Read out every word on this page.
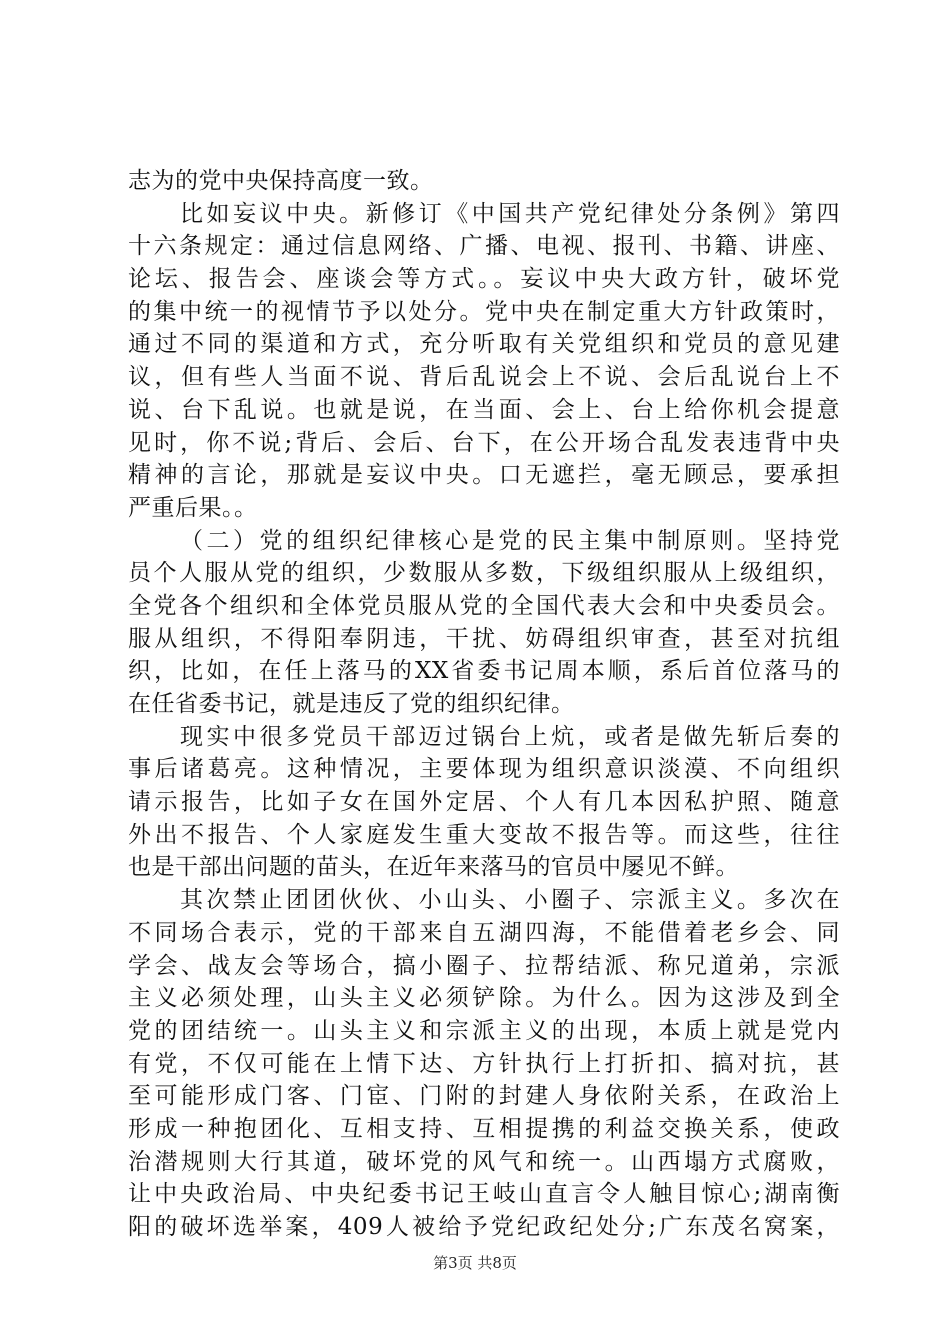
志为的党中央保持高度一致。
比如妄议中央。新修订《中国共产党纪律处分条例》第四
十六条规定：通过信息网络、广播、电视、报刊、书籍、讲座、
论坛、报告会、座谈会等方式。。妄议中央大政方针，破坏党
的集中统一的视情节予以处分。党中央在制定重大方针政策时，
通过不同的渠道和方式，充分听取有关党组织和党员的意见建
议，但有些人当面不说、背后乱说会上不说、会后乱说台上不
说、台下乱说。也就是说，在当面、会上、台上给你机会提意
见时，你不说;背后、会后、台下，在公开场合乱发表违背中央
精神的言论，那就是妄议中央。口无遮拦，毫无顾忌，要承担
严重后果。。
（二）党的组织纪律核心是党的民主集中制原则。坚持党
员个人服从党的组织，少数服从多数，下级组织服从上级组织，
全党各个组织和全体党员服从党的全国代表大会和中央委员会。
服从组织，不得阳奉阴违，干扰、妨碍组织审查，甚至对抗组
织，比如，在任上落马的XX省委书记周本顺，系后首位落马的
在任省委书记，就是违反了党的组织纪律。
现实中很多党员干部迈过锅台上炕，或者是做先斩后奏的
事后诸葛亮。这种情况，主要体现为组织意识淡漠、不向组织
请示报告，比如子女在国外定居、个人有几本因私护照、随意
外出不报告、个人家庭发生重大变故不报告等。而这些，往往
也是干部出问题的苗头，在近年来落马的官员中屡见不鲜。
其次禁止团团伙伙、小山头、小圈子、宗派主义。多次在
不同场合表示，党的干部来自五湖四海，不能借着老乡会、同
学会、战友会等场合，搞小圈子、拉帮结派、称兄道弟，宗派
主义必须处理，山头主义必须铲除。为什么。因为这涉及到全
党的团结统一。山头主义和宗派主义的出现，本质上就是党内
有党，不仅可能在上情下达、方针执行上打折扣、搞对抗，甚
至可能形成门客、门宦、门附的封建人身依附关系，在政治上
形成一种抱团化、互相支持、互相提携的利益交换关系，使政
治潜规则大行其道，破坏党的风气和统一。山西塌方式腐败，
让中央政治局、中央纪委书记王岐山直言令人触目惊心;湖南衡
阳的破坏选举案，409人被给予党纪政纪处分;广东茂名窝案，
第3页 共8页
